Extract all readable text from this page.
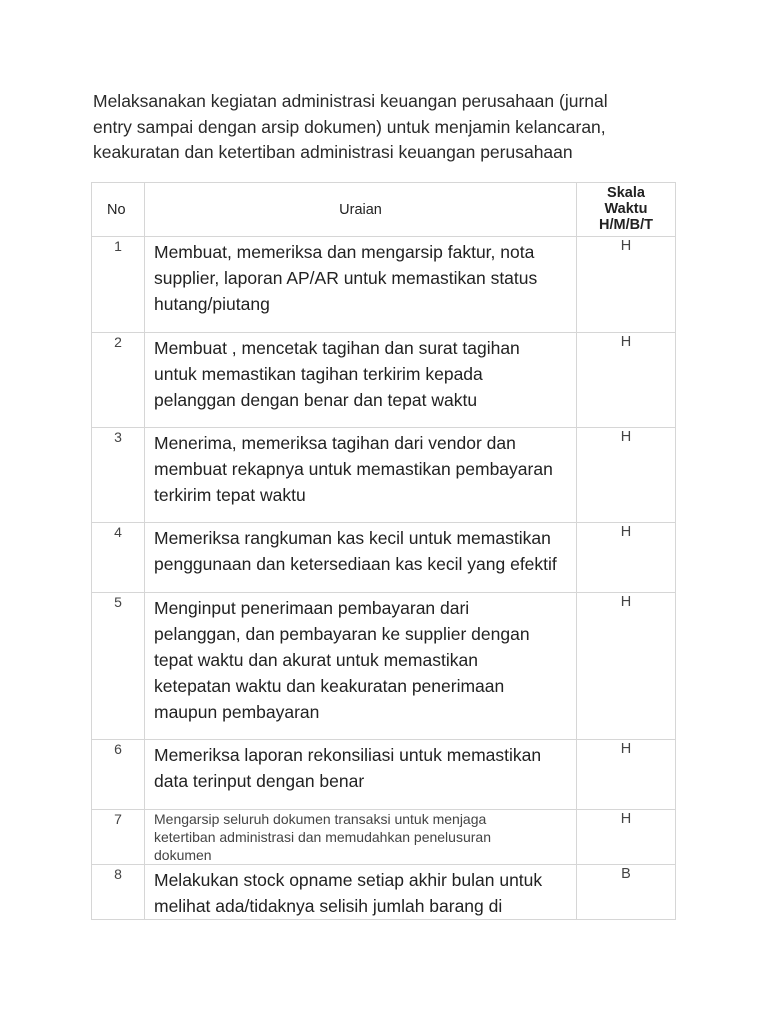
Melaksanakan kegiatan administrasi keuangan perusahaan (jurnal
entry sampai dengan arsip dokumen) untuk menjamin kelancaran,
keakuratan dan ketertiban administrasi keuangan perusahaan

No	Uraian	Skala
Waktu
H/M/B/T
1	Membuat, memeriksa dan mengarsip faktur, nota
supplier, laporan AP/AR untuk memastikan status
hutang/piutang	H
2	Membuat , mencetak tagihan dan surat tagihan
untuk memastikan tagihan terkirim kepada
pelanggan dengan benar dan tepat waktu	H
3	Menerima, memeriksa tagihan dari vendor dan
membuat rekapnya untuk memastikan pembayaran
terkirim tepat waktu	H
4	Memeriksa rangkuman kas kecil untuk memastikan
penggunaan dan ketersediaan kas kecil yang efektif	H
5	Menginput penerimaan pembayaran dari
pelanggan, dan pembayaran ke supplier dengan
tepat waktu dan akurat untuk memastikan
ketepatan waktu dan keakuratan penerimaan
maupun pembayaran	H
6	Memeriksa laporan rekonsiliasi untuk memastikan
data terinput dengan benar	H
7	Mengarsip seluruh dokumen transaksi untuk menjaga
ketertiban administrasi dan memudahkan penelusuran
dokumen	H
8	Melakukan stock opname setiap akhir bulan untuk
melihat ada/tidaknya selisih jumlah barang di	B
